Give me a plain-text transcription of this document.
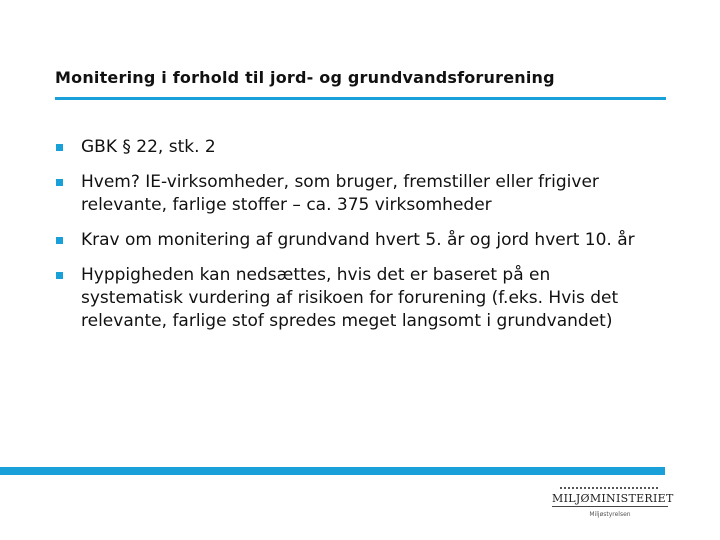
Monitering i forhold til jord- og grundvandsforurening
GBK § 22, stk. 2
Hvem? IE-virksomheder, som bruger, fremstiller eller frigiver relevante, farlige stoffer – ca. 375 virksomheder
Krav om monitering af grundvand hvert 5. år og jord hvert 10. år
Hyppigheden kan nedsættes, hvis det er baseret på en systematisk vurdering af risikoen for forurening (f.eks. Hvis det relevante, farlige stof spredes meget langsomt i grundvandet)
MILJØMINISTERIET
Miljøstyrelsen
